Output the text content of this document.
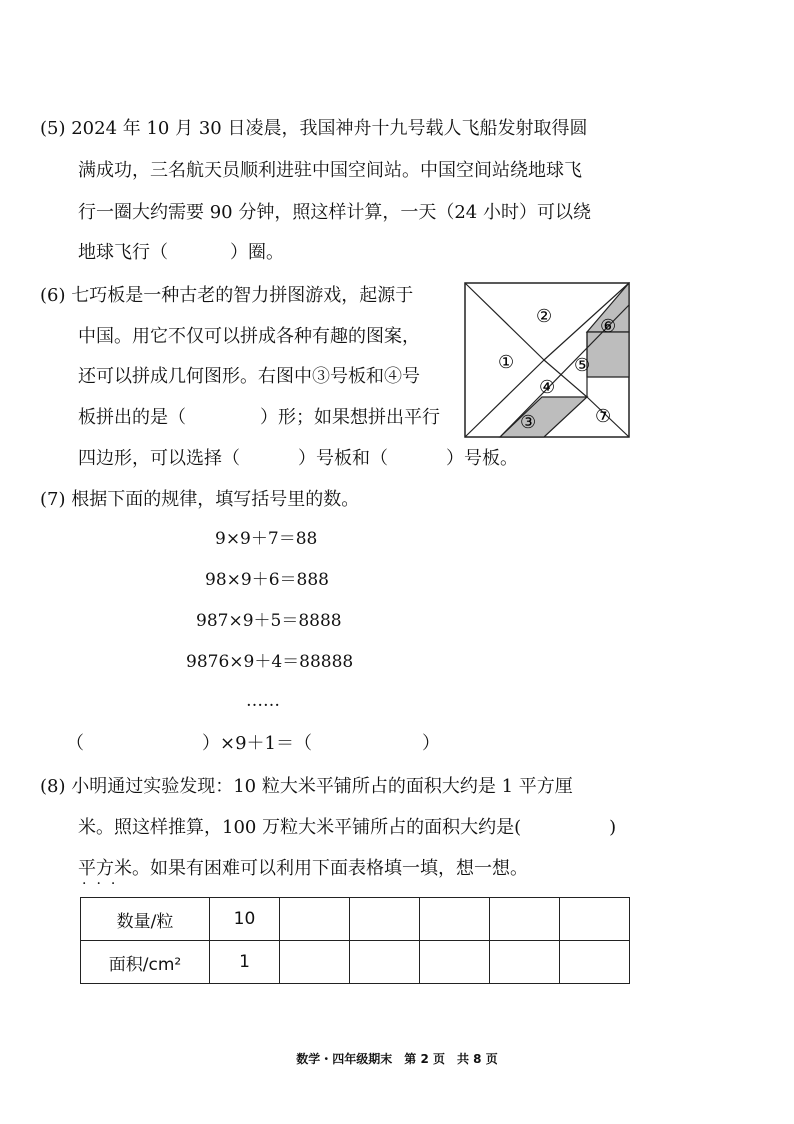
(5) 2024 年 10 月 30 日凌晨，我国神舟十九号载人飞船发射取得圆
满成功，三名航天员顺利进驻中国空间站。中国空间站绕地球飞
行一圈大约需要 90 分钟，照这样计算，一天（24 小时）可以绕
地球飞行（	）圈。
(6) 七巧板是一种古老的智力拼图游戏，起源于
中国。用它不仅可以拼成各种有趣的图案，
还可以拼成几何图形。右图中③号板和④号
板拼出的是（	）形；如果想拼出平行
四边形，可以选择（	）号板和（	）号板。
①
②
③
④
⑤
⑥
⑦
(7) 根据下面的规律，填写括号里的数。
9×9＋7＝88
98×9＋6＝888
987×9＋5＝8888
9876×9＋4＝88888
……
（	）×9＋1＝（	）
(8) 小明通过实验发现：10 粒大米平铺所占的面积大约是 1 平方厘
米。照这样推算，100 万粒大米平铺所占的面积大约是(	)
平方米。如果有困难可以利用下面表格填一填，想一想。
···
数量/粒	10					
面积/cm²	1					
数学・四年级期末　第 2 页　共 8 页
